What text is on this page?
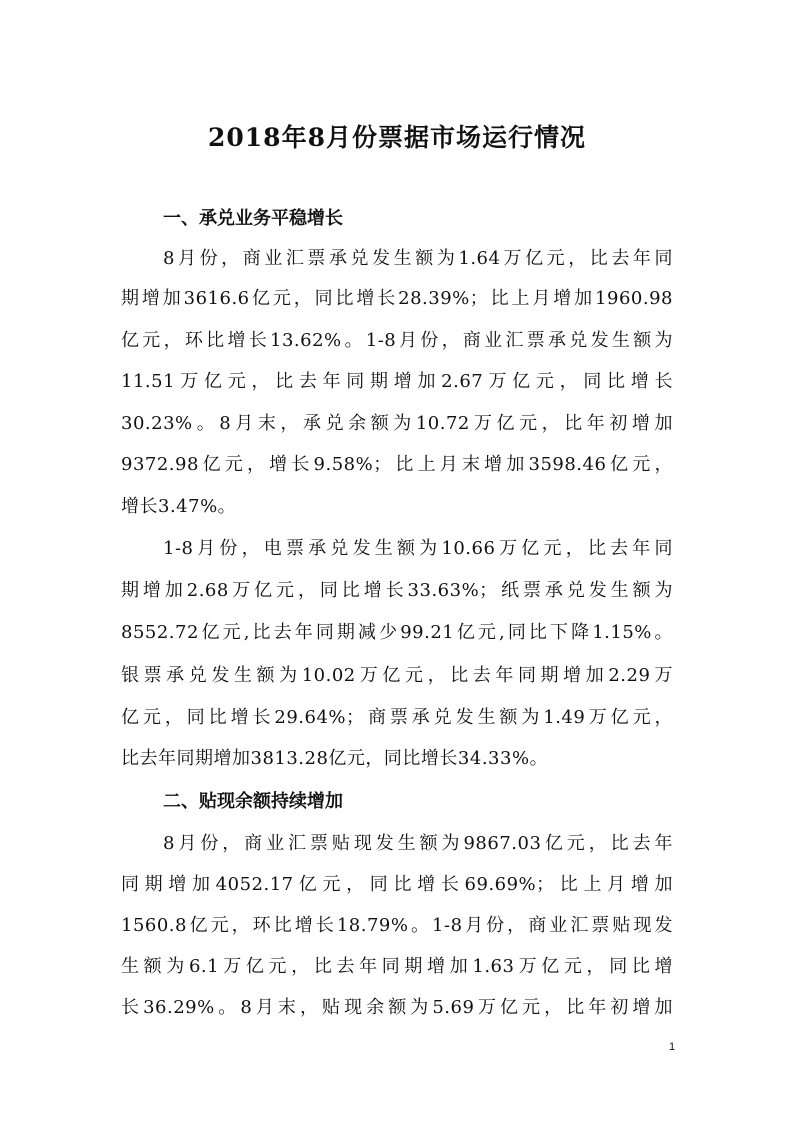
2018年8月份票据市场运行情况
一、承兑业务平稳增长
8月份，商业汇票承兑发生额为1.64万亿元，比去年同
期增加3616.6亿元，同比增长28.39%；比上月增加1960.98
亿元，环比增长13.62%。1-8月份，商业汇票承兑发生额为
11.51万亿元，比去年同期增加2.67万亿元，同比增长
30.23%。8月末，承兑余额为10.72万亿元，比年初增加
9372.98亿元，增长9.58%；比上月末增加3598.46亿元，
增长3.47%。
1-8月份，电票承兑发生额为10.66万亿元，比去年同
期增加2.68万亿元，同比增长33.63%；纸票承兑发生额为
8552.72亿元,比去年同期减少99.21亿元,同比下降1.15%。
银票承兑发生额为10.02万亿元，比去年同期增加2.29万
亿元，同比增长29.64%；商票承兑发生额为1.49万亿元，
比去年同期增加3813.28亿元，同比增长34.33%。
二、贴现余额持续增加
8月份，商业汇票贴现发生额为9867.03亿元，比去年
同期增加4052.17亿元，同比增长69.69%；比上月增加
1560.8亿元，环比增长18.79%。1-8月份，商业汇票贴现发
生额为6.1万亿元，比去年同期增加1.63万亿元，同比增
长36.29%。8月末，贴现余额为5.69万亿元，比年初增加
1
